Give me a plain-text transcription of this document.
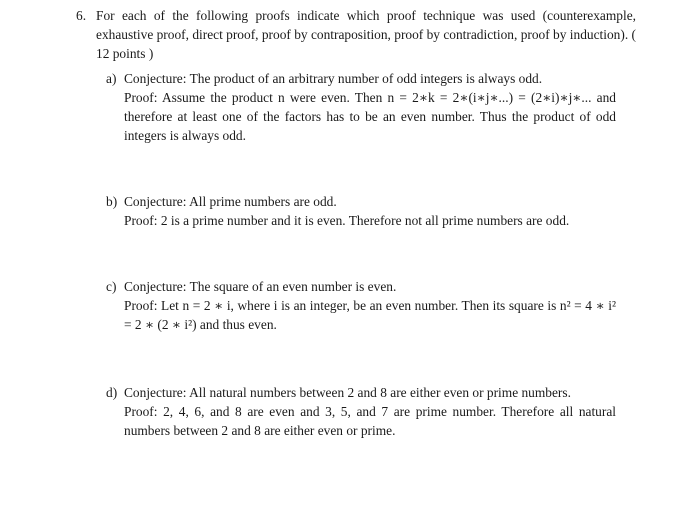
6. For each of the following proofs indicate which proof technique was used (counterexample, exhaustive proof, direct proof, proof by contraposition, proof by contradiction, proof by induction). ( 12 points )
a) Conjecture: The product of an arbitrary number of odd integers is always odd.
Proof: Assume the product n were even. Then n = 2∗k = 2∗(i∗j∗...) = (2∗i)∗j∗... and therefore at least one of the factors has to be an even number. Thus the product of odd integers is always odd.
b) Conjecture: All prime numbers are odd.
Proof: 2 is a prime number and it is even. Therefore not all prime numbers are odd.
c) Conjecture: The square of an even number is even.
Proof: Let n = 2 ∗ i, where i is an integer, be an even number. Then its square is n² = 4 ∗ i² = 2 ∗ (2 ∗ i²) and thus even.
d) Conjecture: All natural numbers between 2 and 8 are either even or prime numbers.
Proof: 2, 4, 6, and 8 are even and 3, 5, and 7 are prime number. Therefore all natural numbers between 2 and 8 are either even or prime.
